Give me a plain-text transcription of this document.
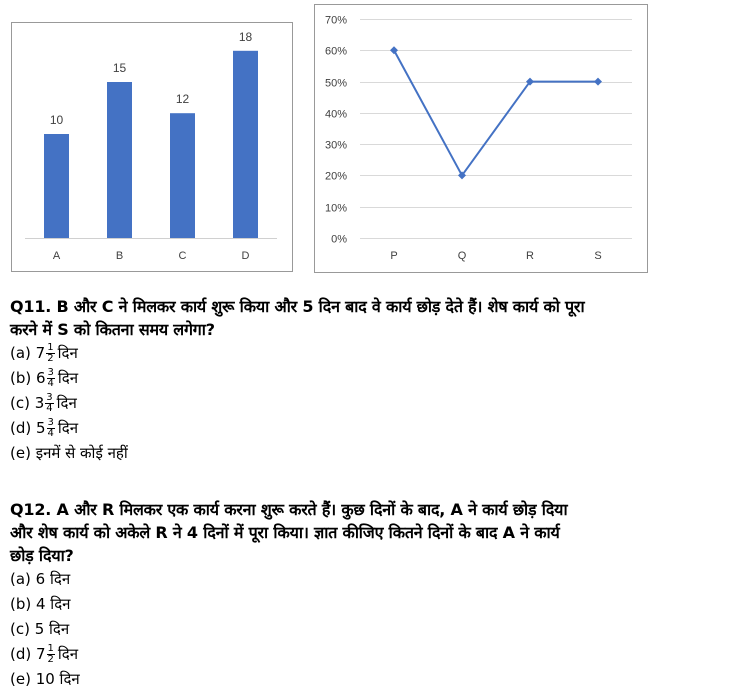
10
A
15
B
12
C
18
D
0%
10%
20%
30%
40%
50%
60%
70%
P	Q	R	S
Q11. B और C ने मिलकर कार्य शुरू किया और 5 दिन बाद वे कार्य छोड़ देते हैं। शेष कार्य को पूरा
करने में S को कितना समय लगेगा?
(a) $7 \frac{1}{2}$ दिन
(b) $6 \frac{3}{4}$ दिन
(c) $3 \frac{3}{4}$ दिन
(d) $5 \frac{3}{4}$ दिन
(e) इनमें से कोई नहीं
Q12. A और R मिलकर एक कार्य करना शुरू करते हैं। कुछ दिनों के बाद, A ने कार्य छोड़ दिया
और शेष कार्य को अकेले R ने 4 दिनों में पूरा किया। ज्ञात कीजिए कितने दिनों के बाद A ने कार्य
छोड़ दिया?
(a) 6 दिन
(b) 4 दिन
(c) 5 दिन
(d) $7 \frac{1}{2}$ दिन
(e) 10 दिन
